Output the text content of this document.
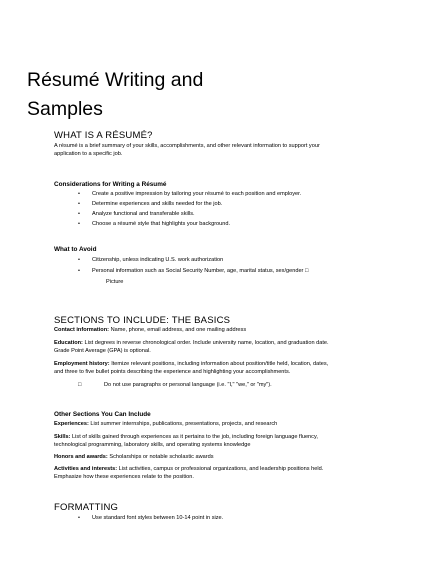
Résumé Writing and
Samples
WHAT IS A RÉSUMÉ?
A résumé is a brief summary of your skills, accomplishments, and other relevant information to support your
application to a specific job.
Considerations for Writing a Résumé
• Create a positive impression by tailoring your résumé to each position and employer.
• Determine experiences and skills needed for the job.
• Analyze functional and transferable skills.
• Choose a résumé style that highlights your background.
What to Avoid
• Citizenship, unless indicating U.S. work authorization
• Personal information such as Social Security Number, age, marital status, sex/gender □
Picture
SECTIONS TO INCLUDE: THE BASICS
Contact information: Name, phone, email address, and one mailing address
Education: List degrees in reverse chronological order. Include university name, location, and graduation date.
Grade Point Average (GPA) is optional.
Employment history: Itemize relevant positions, including information about position/title held, location, dates,
and three to five bullet points describing the experience and highlighting your accomplishments.
□	Do not use paragraphs or personal language (i.e. "I," "we," or "my").
Other Sections You Can Include
Experiences: List summer internships, publications, presentations, projects, and research
Skills: List of skills gained through experiences as it pertains to the job, including foreign language fluency,
technological programming, laboratory skills, and operating systems knowledge
Honors and awards: Scholarships or notable scholastic awards
Activities and interests: List activities, campus or professional organizations, and leadership positions held.
Emphasize how these experiences relate to the position.
FORMATTING
• Use standard font styles between 10-14 point in size.
